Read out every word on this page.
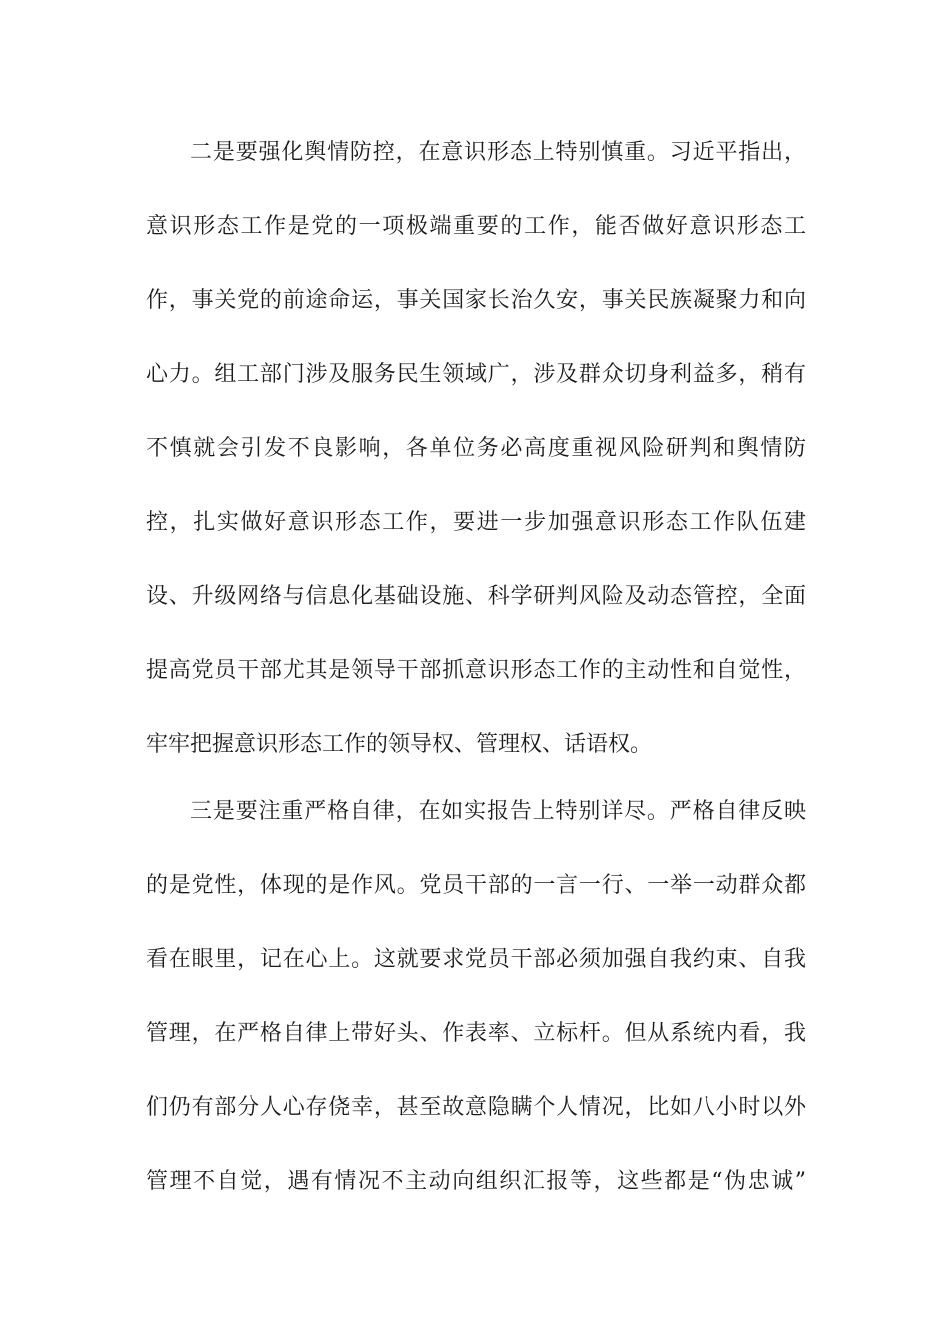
二是要强化舆情防控，在意识形态上特别慎重。习近平指出，
意识形态工作是党的一项极端重要的工作，能否做好意识形态工
作，事关党的前途命运，事关国家长治久安，事关民族凝聚力和向
心力。组工部门涉及服务民生领域广，涉及群众切身利益多，稍有
不慎就会引发不良影响，各单位务必高度重视风险研判和舆情防
控，扎实做好意识形态工作，要进一步加强意识形态工作队伍建
设、升级网络与信息化基础设施、科学研判风险及动态管控，全面
提高党员干部尤其是领导干部抓意识形态工作的主动性和自觉性，
牢牢把握意识形态工作的领导权、管理权、话语权。
三是要注重严格自律，在如实报告上特别详尽。严格自律反映
的是党性，体现的是作风。党员干部的一言一行、一举一动群众都
看在眼里，记在心上。这就要求党员干部必须加强自我约束、自我
管理，在严格自律上带好头、作表率、立标杆。但从系统内看，我
们仍有部分人心存侥幸，甚至故意隐瞒个人情况，比如八小时以外
管理不自觉，遇有情况不主动向组织汇报等，这些都是“伪忠诚”
